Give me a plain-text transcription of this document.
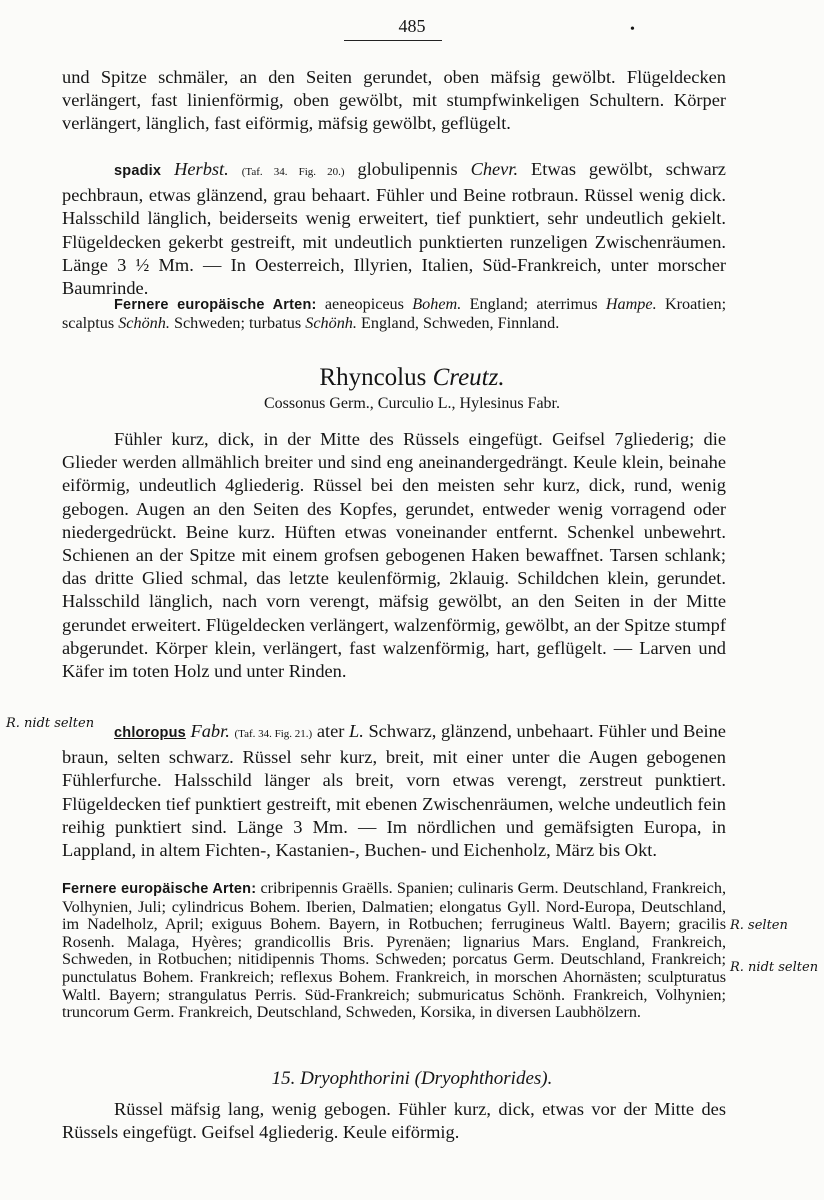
485	•

und Spitze schmäler, an den Seiten gerundet, oben mäfsig gewölbt. Flügeldecken verlängert, fast linienförmig, oben gewölbt, mit stumpfwinkeligen Schultern. Körper verlängert, länglich, fast eiförmig, mäfsig gewölbt, geflügelt.

spadix Herbst. (Taf. 34. Fig. 20.) globulipennis Chevr. Etwas gewölbt, schwarz pechbraun, etwas glänzend, grau behaart. Fühler und Beine rotbraun. Rüssel wenig dick. Halsschild länglich, beiderseits wenig erweitert, tief punktiert, sehr undeutlich gekielt. Flügeldecken gekerbt gestreift, mit undeutlich punktierten runzeligen Zwischenräumen. Länge 3 ½ Mm. — In Oesterreich, Illyrien, Italien, Süd-Frankreich, unter morscher Baumrinde.

Fernere europäische Arten: aeneopiceus Bohem. England; aterrimus Hampe. Kroatien; scalptus Schönh. Schweden; turbatus Schönh. England, Schweden, Finnland.

Rhyncolus Creutz.
Cossonus Germ., Curculio L., Hylesinus Fabr.

Fühler kurz, dick, in der Mitte des Rüssels eingefügt. Geifsel 7gliederig; die Glieder werden allmählich breiter und sind eng aneinandergedrängt. Keule klein, beinahe eiförmig, undeutlich 4gliederig. Rüssel bei den meisten sehr kurz, dick, rund, wenig gebogen. Augen an den Seiten des Kopfes, gerundet, entweder wenig vorragend oder niedergedrückt. Beine kurz. Hüften etwas voneinander entfernt. Schenkel unbewehrt. Schienen an der Spitze mit einem grofsen gebogenen Haken bewaffnet. Tarsen schlank; das dritte Glied schmal, das letzte keulenförmig, 2klauig. Schildchen klein, gerundet. Halsschild länglich, nach vorn verengt, mäfsig gewölbt, an den Seiten in der Mitte gerundet erweitert. Flügeldecken verlängert, walzenförmig, gewölbt, an der Spitze stumpf abgerundet. Körper klein, verlängert, fast walzenförmig, hart, geflügelt. — Larven und Käfer im toten Holz und unter Rinden.

R. nidt selten

chloropus Fabr. (Taf. 34. Fig. 21.) ater L. Schwarz, glänzend, unbehaart. Fühler und Beine braun, selten schwarz. Rüssel sehr kurz, breit, mit einer unter die Augen gebogenen Fühlerfurche. Halsschild länger als breit, vorn etwas verengt, zerstreut punktiert. Flügeldecken tief punktiert gestreift, mit ebenen Zwischenräumen, welche undeutlich fein reihig punktiert sind. Länge 3 Mm. — Im nördlichen und gemäfsigten Europa, in Lappland, in altem Fichten-, Kastanien-, Buchen- und Eichenholz, März bis Okt.

Fernere europäische Arten: cribripennis Graëlls. Spanien; culinaris Germ. Deutschland, Frankreich, Volhynien, Juli; cylindricus Bohem. Iberien, Dalmatien; elongatus Gyll. Nord-Europa, Deutschland, im Nadelholz, April; exiguus Bohem. Bayern, in Rotbuchen; ferrugineus Waltl. Bayern; gracilis Rosenh. Malaga, Hyères; grandicollis Bris. Pyrenäen; lignarius Mars. England, Frankreich, Schweden, in Rotbuchen; nitidipennis Thoms. Schweden; porcatus Germ. Deutschland, Frankreich; punctulatus Bohem. Frankreich; reflexus Bohem. Frankreich, in morschen Ahornästen; sculpturatus Waltl. Bayern; strangulatus Perris. Süd-Frankreich; submuricatus Schönh. Frankreich, Volhynien; truncorum Germ. Frankreich, Deutschland, Schweden, Korsika, in diversen Laubhölzern.

R. selten
R. nidt selten
15. Dryophthorini (Dryophthorides).

Rüssel mäfsig lang, wenig gebogen. Fühler kurz, dick, etwas vor der Mitte des Rüssels eingefügt. Geifsel 4gliederig. Keule eiförmig.
